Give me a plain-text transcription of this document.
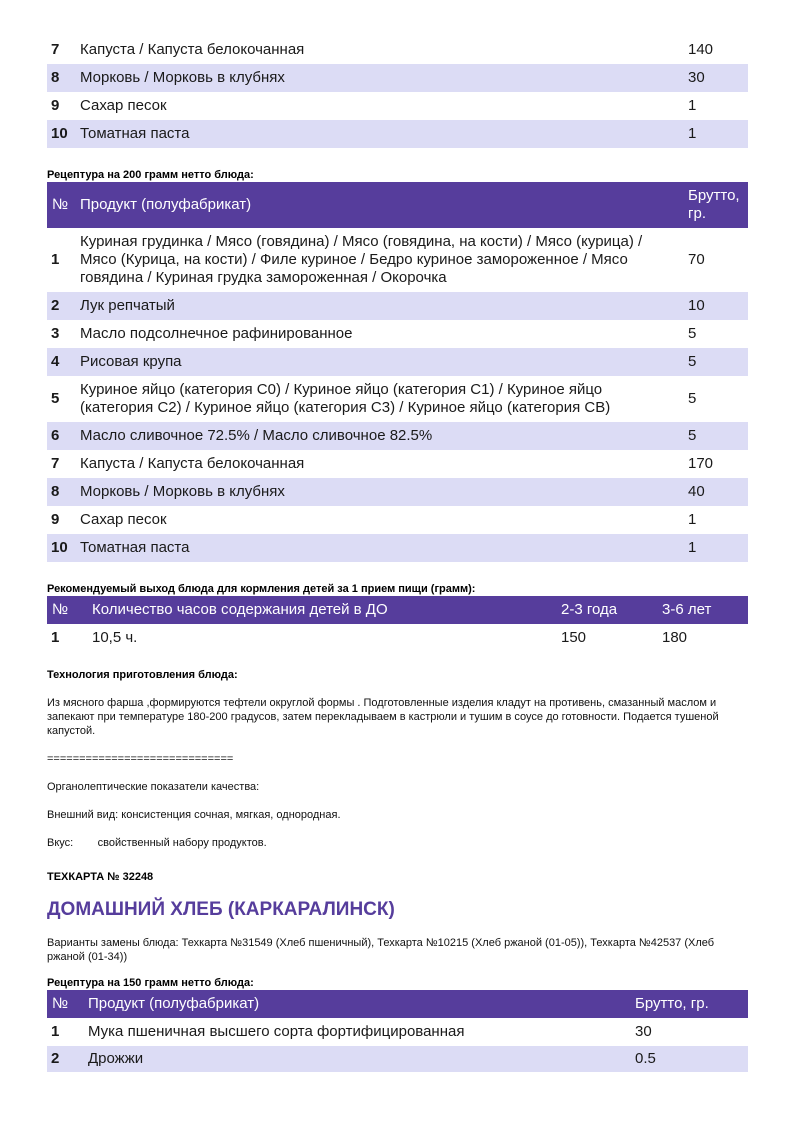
7	Капуста / Капуста белокочанная	140
8	Морковь / Морковь в клубнях	30
9	Сахар песок	1
10	Томатная паста	1
Рецептура на 200 грамм нетто блюда:
№	Продукт (полуфабрикат)	Брутто, гр.
1	Куриная грудинка / Мясо (говядина) / Мясо (говядина, на кости) / Мясо (курица) / Мясо (Курица, на кости) / Филе куриное / Бедро куриное замороженное / Мясо говядина / Куриная грудка замороженная / Окорочка	70
2	Лук репчатый	10
3	Масло подсолнечное рафинированное	5
4	Рисовая крупа	5
5	Куриное яйцо (категория С0) / Куриное яйцо (категория С1) / Куриное яйцо (категория С2) / Куриное яйцо (категория С3) / Куриное яйцо (категория СВ)	5
6	Масло сливочное 72.5% / Масло сливочное 82.5%	5
7	Капуста / Капуста белокочанная	170
8	Морковь / Морковь в клубнях	40
9	Сахар песок	1
10	Томатная паста	1
Рекомендуемый выход блюда для кормления детей за 1 прием пищи (грамм):
№	Количество часов содержания детей в ДО	2-3 года	3-6 лет
1	10,5 ч.	150	180
Технология приготовления блюда:
Из мясного фарша ,формируются тефтели округлой формы . Подготовленные изделия кладут на противень, смазанный маслом и запекают при температуре 180-200 градусов, затем перекладываем в кастрюли и тушим в соусе до готовности. Подается тушеной капустой.
=============================
Органолептические показатели качества:
Внешний вид: консистенция сочная, мягкая, однородная.
Вкус:        свойственный набору продуктов.
ТЕХКАРТА № 32248
ДОМАШНИЙ ХЛЕБ (КАРКАРАЛИНСК)
Варианты замены блюда: Техкарта №31549 (Хлеб пшеничный), Техкарта №10215 (Хлеб ржаной (01-05)), Техкарта №42537 (Хлеб ржаной (01-34))
Рецептура на 150 грамм нетто блюда:
№	Продукт (полуфабрикат)	Брутто, гр.
1	Мука пшеничная высшего сорта фортифицированная	30
2	Дрожжи	0.5
